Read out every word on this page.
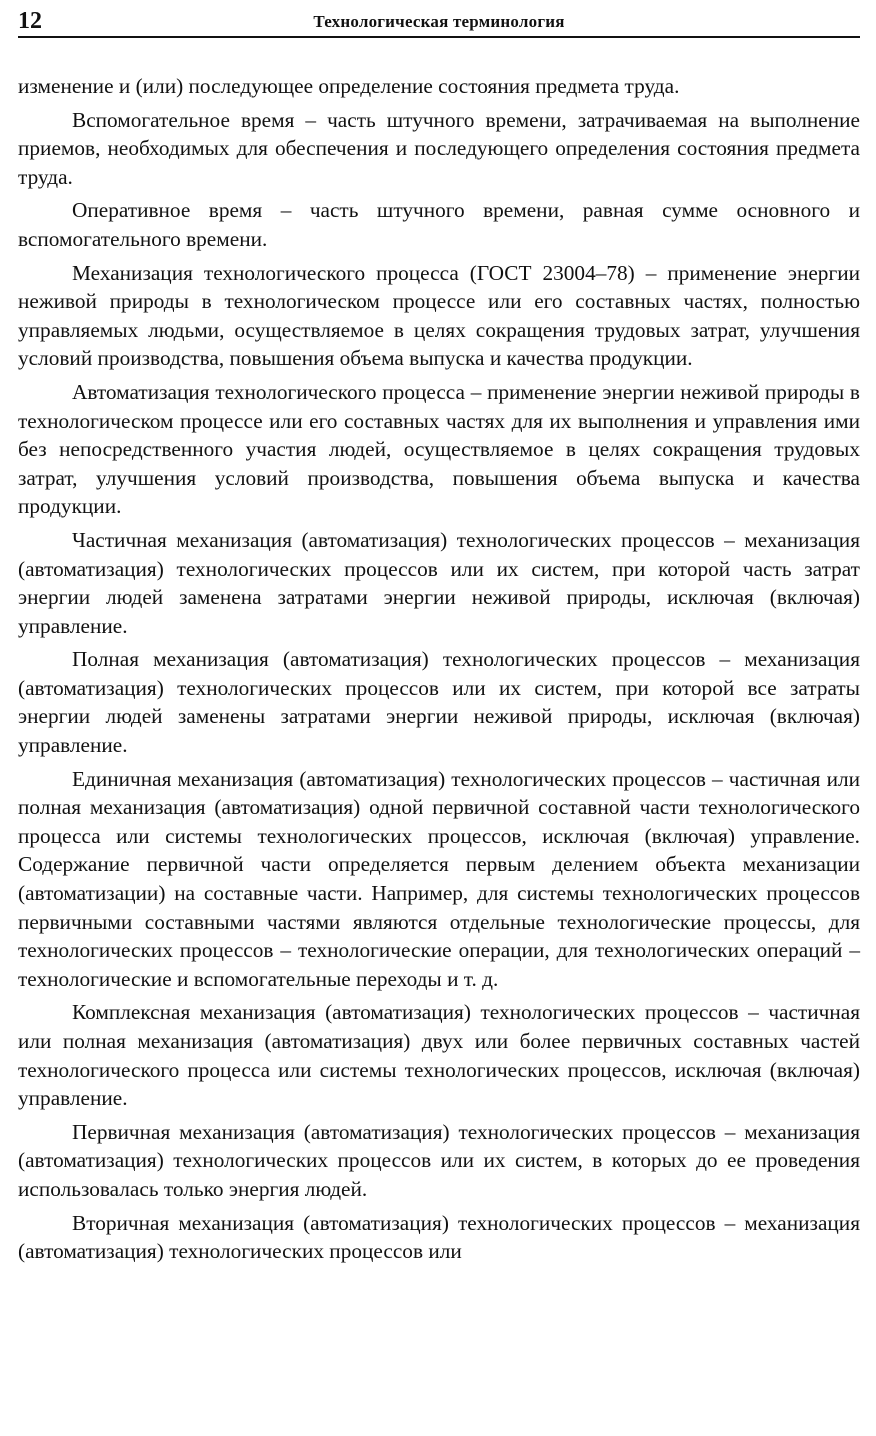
12	Технологическая терминология

изменение и (или) последующее определение состояния предмета труда.

Вспомогательное время – часть штучного времени, затрачиваемая на выполнение приемов, необходимых для обеспечения и последующего определения состояния предмета труда.

Оперативное время – часть штучного времени, равная сумме основного и вспомогательного времени.

Механизация технологического процесса (ГОСТ 23004–78) – применение энергии неживой природы в технологическом процессе или его составных частях, полностью управляемых людьми, осуществляемое в целях сокращения трудовых затрат, улучшения условий производства, повышения объема выпуска и качества продукции.

Автоматизация технологического процесса – применение энергии неживой природы в технологическом процессе или его составных частях для их выполнения и управления ими без непосредственного участия людей, осуществляемое в целях сокращения трудовых затрат, улучшения условий производства, повышения объема выпуска и качества продукции.

Частичная механизация (автоматизация) технологических процессов – механизация (автоматизация) технологических процессов или их систем, при которой часть затрат энергии людей заменена затратами энергии неживой природы, исключая (включая) управление.

Полная механизация (автоматизация) технологических процессов – механизация (автоматизация) технологических процессов или их систем, при которой все затраты энергии людей заменены затратами энергии неживой природы, исключая (включая) управление.

Единичная механизация (автоматизация) технологических процессов – частичная или полная механизация (автоматизация) одной первичной составной части технологического процесса или системы технологических процессов, исключая (включая) управление. Содержание первичной части определяется первым делением объекта механизации (автоматизации) на составные части. Например, для системы технологических процессов первичными составными частями являются отдельные технологические процессы, для технологических процессов – технологические операции, для технологических операций – технологические и вспомогательные переходы и т. д.

Комплексная механизация (автоматизация) технологических процессов – частичная или полная механизация (автоматизация) двух или более первичных составных частей технологического процесса или системы технологических процессов, исключая (включая) управление.

Первичная механизация (автоматизация) технологических процессов – механизация (автоматизация) технологических процессов или их систем, в которых до ее проведения использовалась только энергия людей.

Вторичная механизация (автоматизация) технологических процессов – механизация (автоматизация) технологических процессов или
